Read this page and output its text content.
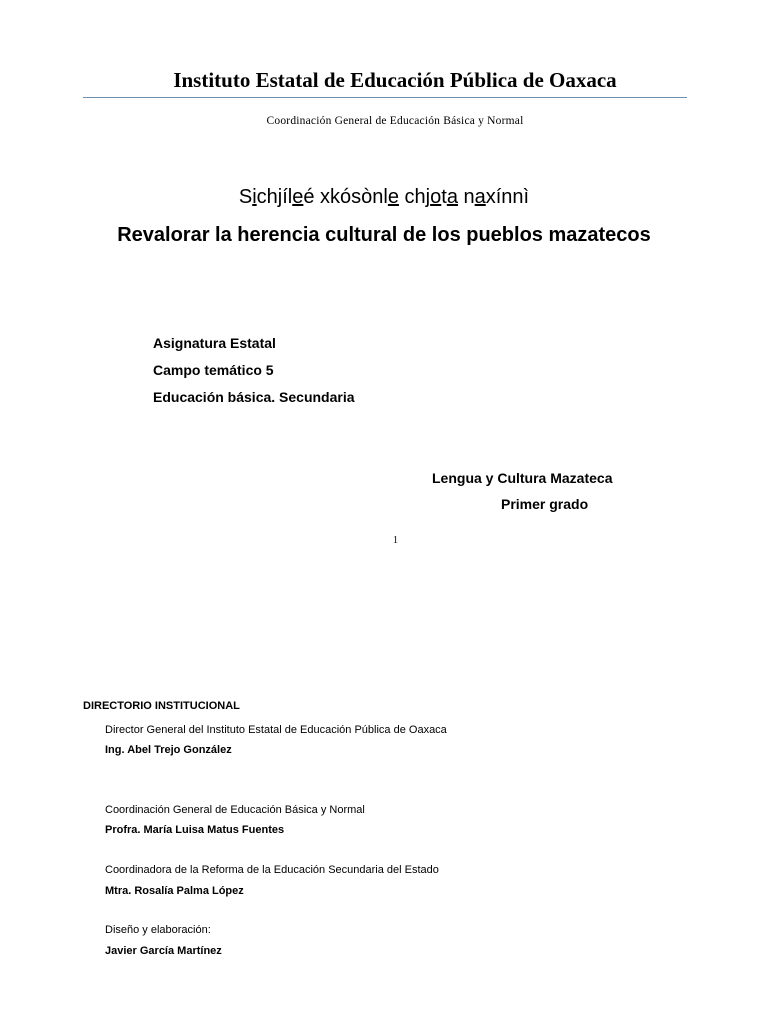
Instituto Estatal de Educación Pública de Oaxaca
Coordinación General de Educación Básica y Normal
Sichjíleé xkósònle chjota naxínnì
Revalorar la herencia cultural de los pueblos mazatecos
Asignatura Estatal
Campo temático 5
Educación básica. Secundaria
Lengua y Cultura Mazateca
Primer grado
1
DIRECTORIO INSTITUCIONAL
Director General del Instituto Estatal de Educación Pública de Oaxaca
Ing. Abel Trejo González
Coordinación General de Educación Básica y Normal
Profra. María Luisa Matus Fuentes
Coordinadora de la Reforma de la Educación Secundaria del Estado
Mtra. Rosalía Palma López
Diseño y elaboración:
Javier García Martínez
